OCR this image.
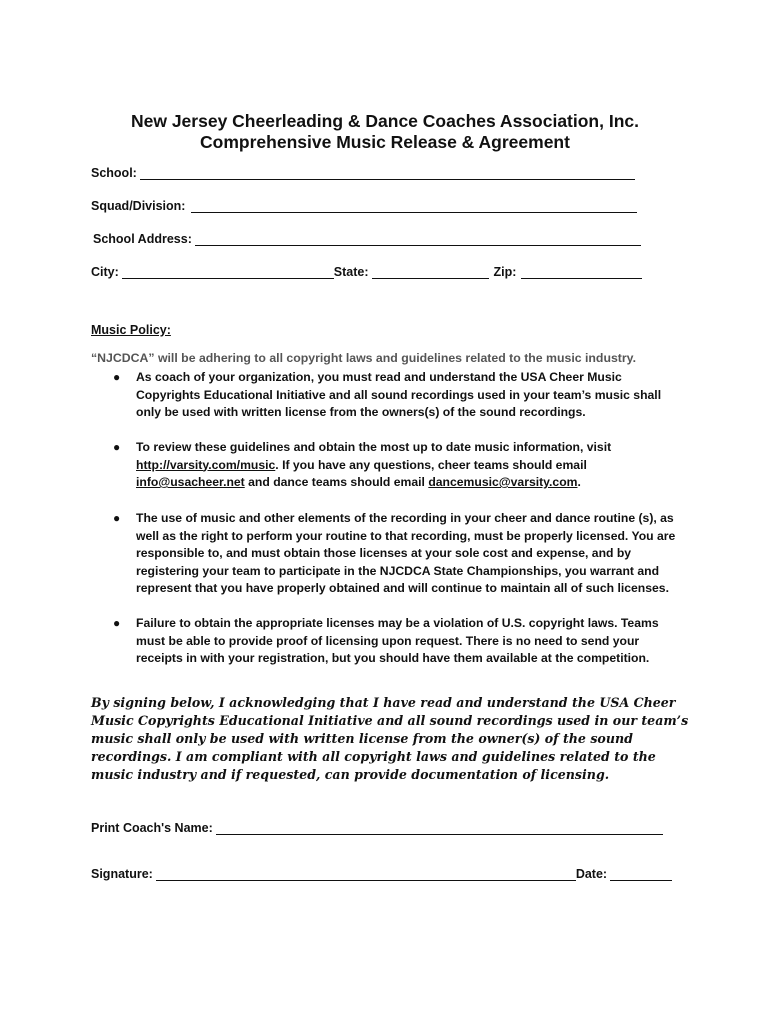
New Jersey Cheerleading & Dance Coaches Association, Inc.
Comprehensive Music Release & Agreement
School:
Squad/Division:
School Address:
City:	State:	Zip:
Music Policy:
“NJCDCA” will be adhering to all copyright laws and guidelines related to the music industry.
● As coach of your organization, you must read and understand the USA Cheer Music Copyrights Educational Initiative and all sound recordings used in your team’s music shall only be used with written license from the owners(s) of the sound recordings.
● To review these guidelines and obtain the most up to date music information, visit
http://varsity.com/music. If you have any questions, cheer teams should email
info@usacheer.net and dance teams should email dancemusic@varsity.com.
● The use of music and other elements of the recording in your cheer and dance routine (s), as well as the right to perform your routine to that recording, must be properly licensed. You are responsible to, and must obtain those licenses at your sole cost and expense, and by registering your team to participate in the NJCDCA State Championships, you warrant and represent that you have properly obtained and will continue to maintain all of such licenses.
● Failure to obtain the appropriate licenses may be a violation of U.S. copyright laws. Teams must be able to provide proof of licensing upon request. There is no need to send your receipts in with your registration, but you should have them available at the competition.
By signing below, I acknowledging that I have read and understand the USA Cheer Music Copyrights Educational Initiative and all sound recordings used in our team’s music shall only be used with written license from the owner(s) of the sound recordings. I am compliant with all copyright laws and guidelines related to the music industry and if requested, can provide documentation of licensing.
Print Coach's Name:
Signature:	Date:
